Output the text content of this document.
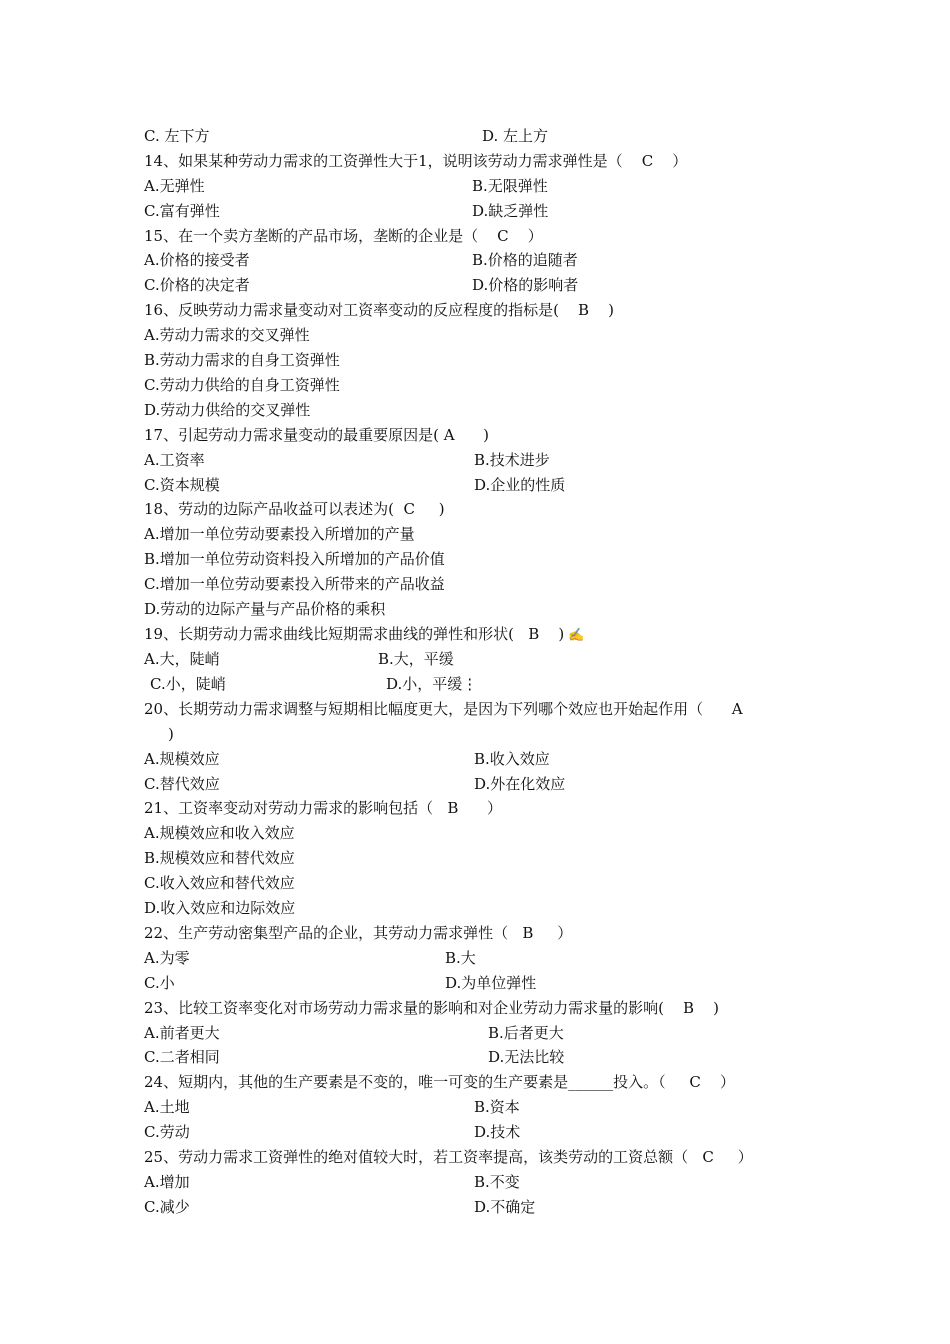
C. 左下方	D. 左上方
14、如果某种劳动力需求的工资弹性大于1，说明该劳动力需求弹性是（    C    ）
A.无弹性	B.无限弹性
C.富有弹性	D.缺乏弹性
15、在一个卖方垄断的产品市场，垄断的企业是（    C    ）
A.价格的接受者	B.价格的追随者
C.价格的决定者	D.价格的影响者
16、反映劳动力需求量变动对工资率变动的反应程度的指标是(    B    )
A.劳动力需求的交叉弹性
B.劳动力需求的自身工资弹性
C.劳动力供给的自身工资弹性
D.劳动力供给的交叉弹性
17、引起劳动力需求量变动的最重要原因是( A      )
A.工资率	B.技术进步
C.资本规模	D.企业的性质
18、劳动的边际产品收益可以表述为(  C     )
A.增加一单位劳动要素投入所增加的产量
B.增加一单位劳动资料投入所增加的产品价值
C.增加一单位劳动要素投入所带来的产品收益
D.劳动的边际产量与产品价格的乘积
19、长期劳动力需求曲线比短期需求曲线的弹性和形状(   B    ) ✍
A.大，陡峭	B.大，平缓
C.小，陡峭	D.小，平缓⋮
20、长期劳动力需求调整与短期相比幅度更大，是因为下列哪个效应也开始起作用（      A
)
A.规模效应	B.收入效应
C.替代效应	D.外在化效应
21、工资率变动对劳动力需求的影响包括（   B      ）
A.规模效应和收入效应
B.规模效应和替代效应
C.收入效应和替代效应
D.收入效应和边际效应
22、生产劳动密集型产品的企业，其劳动力需求弹性（   B     ）
A.为零	B.大
C.小	D.为单位弹性
23、比较工资率变化对市场劳动力需求量的影响和对企业劳动力需求量的影响(    B    )
A.前者更大	B.后者更大
C.二者相同	D.无法比较
24、短期内，其他的生产要素是不变的，唯一可变的生产要素是______投入。（     C    ）
A.土地	B.资本
C.劳动	D.技术
25、劳动力需求工资弹性的绝对值较大时，若工资率提高，该类劳动的工资总额（   C     ）
A.增加	B.不变
C.减少	D.不确定
